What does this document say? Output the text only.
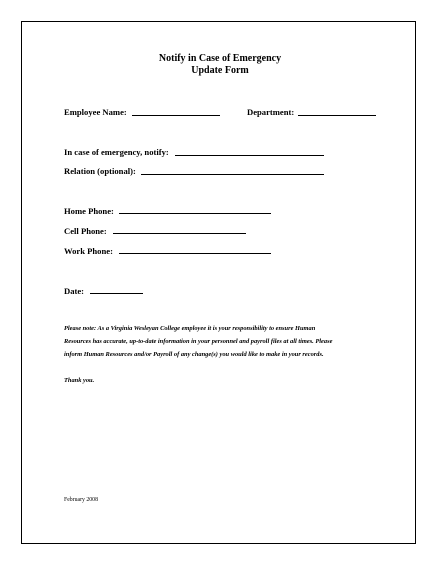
Notify in Case of Emergency
Update Form
Employee Name:	Department:
In case of emergency, notify:
Relation (optional):
Home Phone:
Cell Phone:
Work Phone:
Date:
Please note: As a Virginia Wesleyan College employee it is your responsibility to ensure Human
Resources has accurate, up-to-date information in your personnel and payroll files at all times. Please
inform Human Resources and/or Payroll of any change(s) you would like to make in your records.
Thank you.
February 2008
